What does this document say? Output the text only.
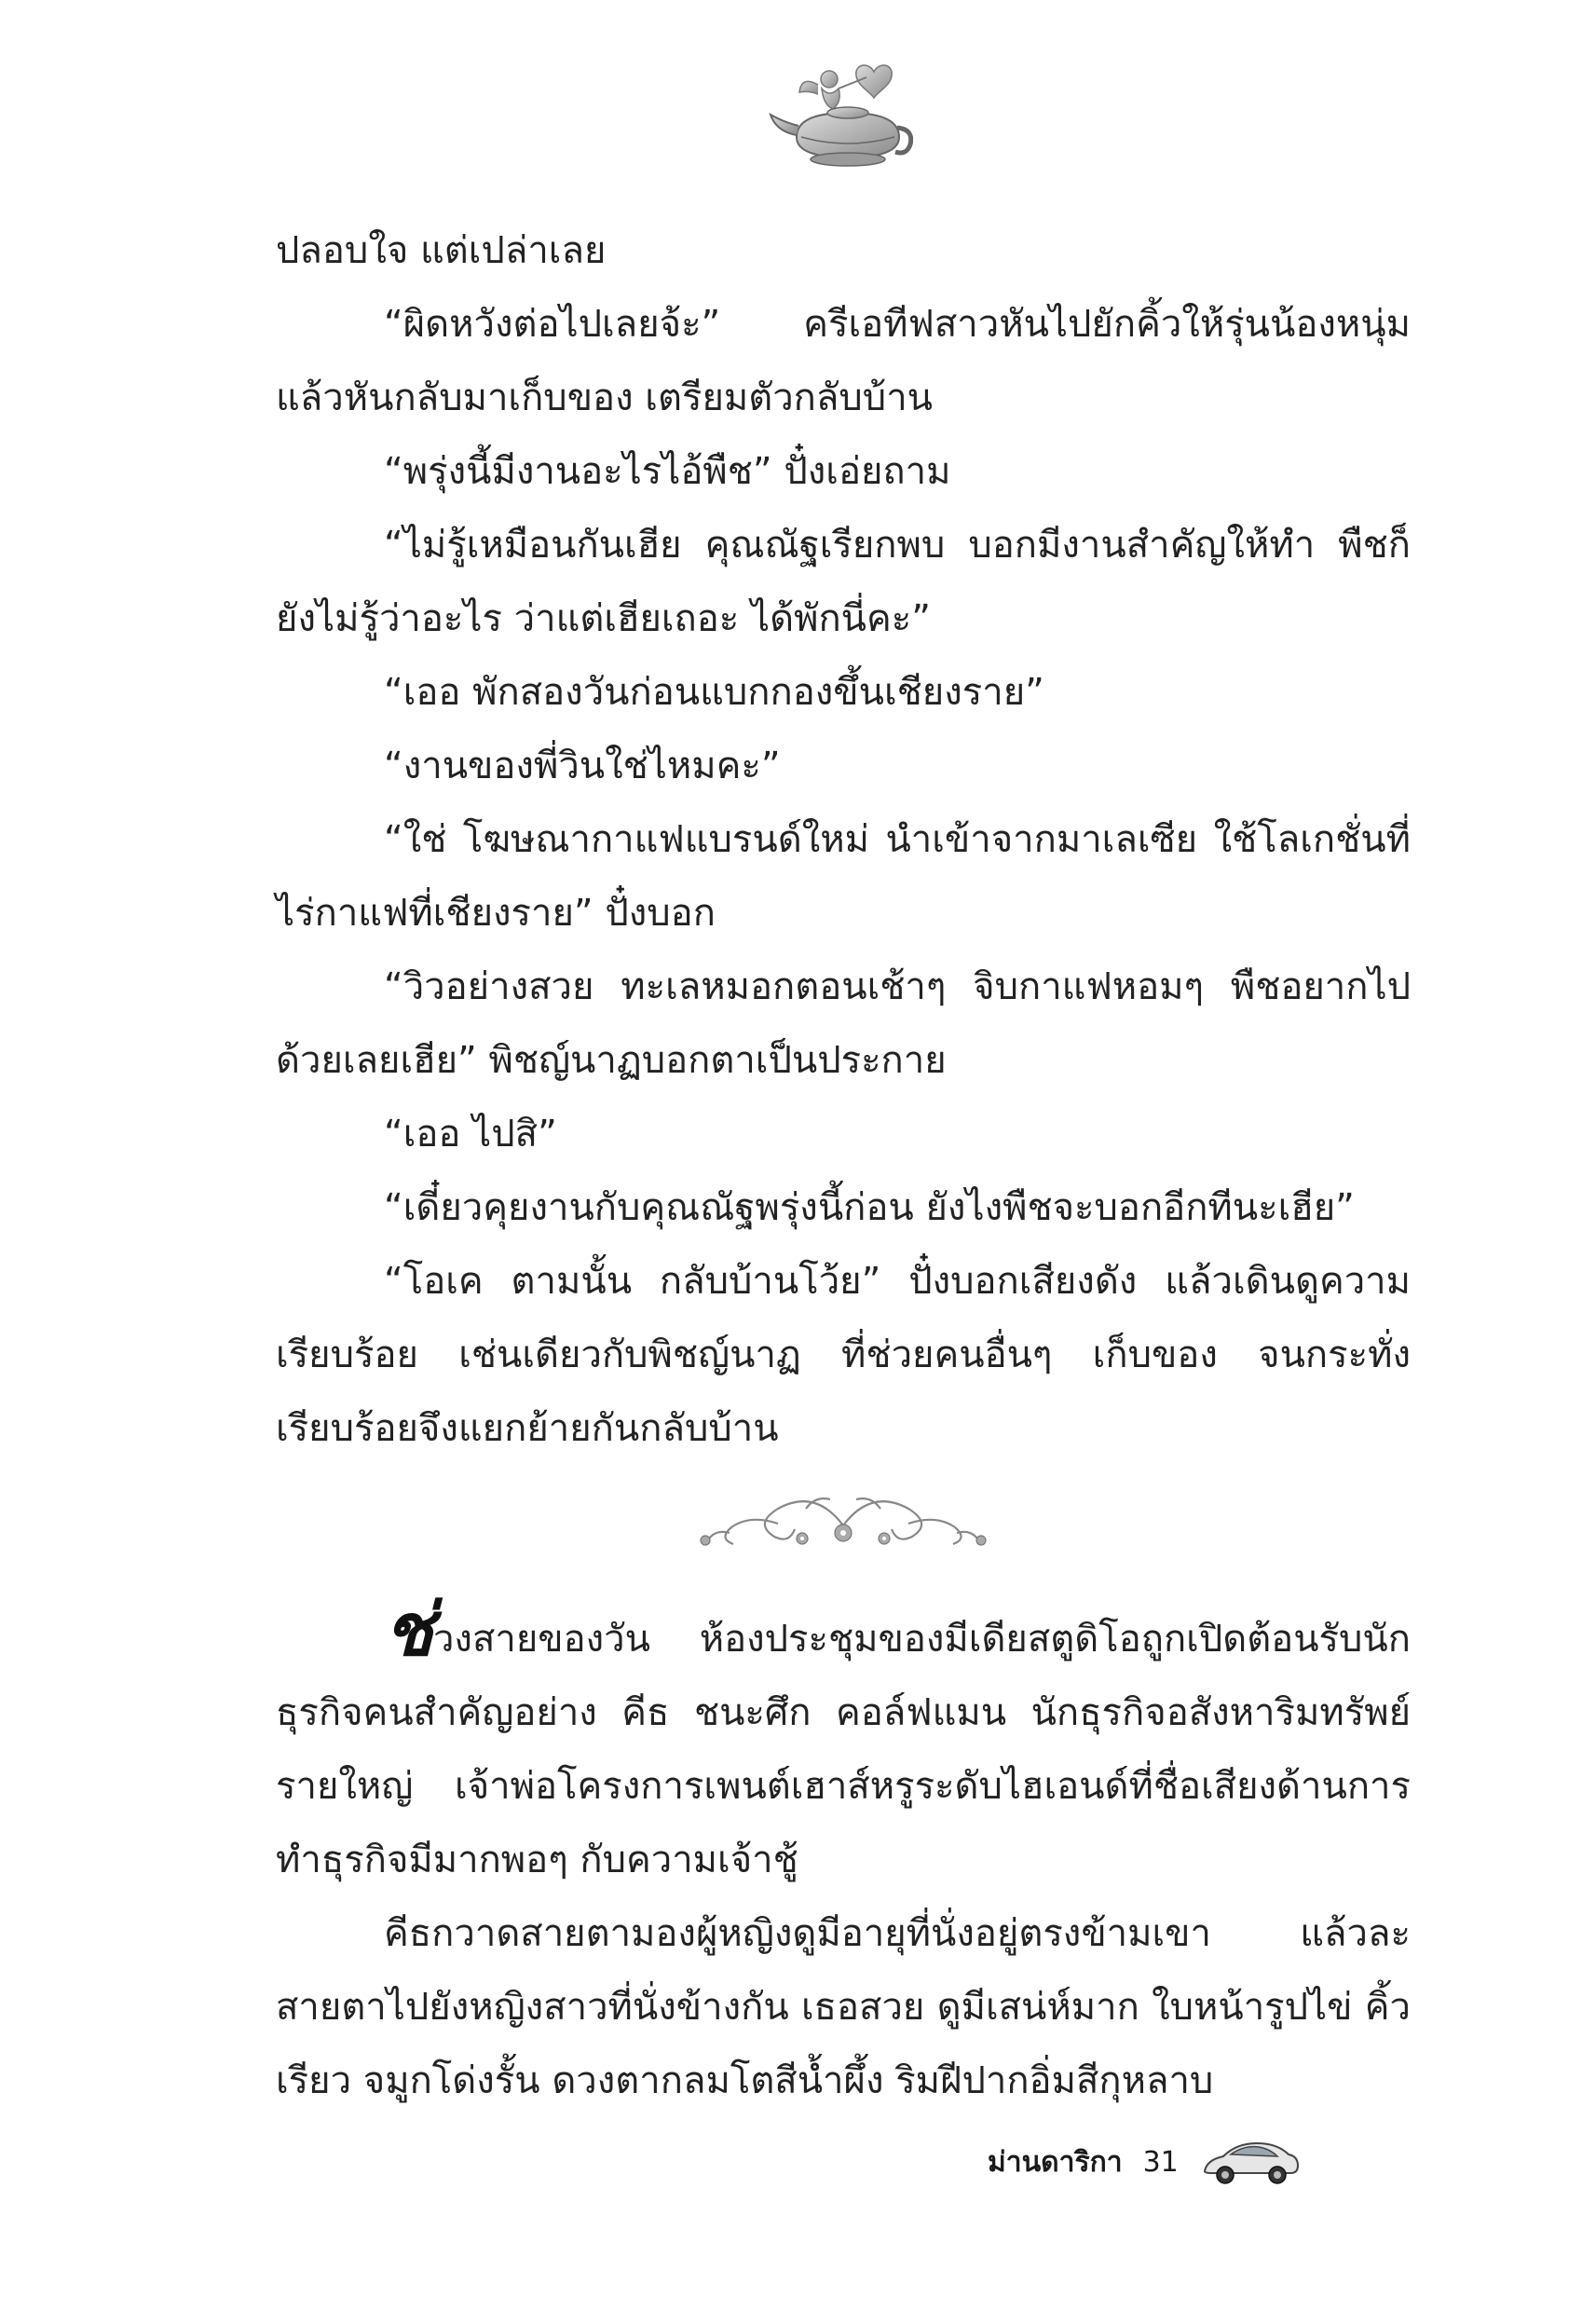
ปลอบใจ แต่เปล่าเลย

“ผิดหวังต่อไปเลยจ้ะ” ครีเอทีฟสาวหันไปยักคิ้วให้รุ่นน้องหนุ่ม แล้วหันกลับมาเก็บของ เตรียมตัวกลับบ้าน

“พรุ่งนี้มีงานอะไรไอ้พืช” ปั๋งเอ่ยถาม

“ไม่รู้เหมือนกันเฮีย คุณณัฐเรียกพบ บอกมีงานสำคัญให้ทำ พืชก็ยังไม่รู้ว่าอะไร ว่าแต่เฮียเถอะ ได้พักนี่คะ”

“เออ พักสองวันก่อนแบกกองขึ้นเชียงราย”

“งานของพี่วินใช่ไหมคะ”

“ใช่ โฆษณากาแฟแบรนด์ใหม่ นำเข้าจากมาเลเซีย ใช้โลเกชั่นที่ไร่กาแฟที่เชียงราย” ปั๋งบอก

“วิวอย่างสวย ทะเลหมอกตอนเช้าๆ จิบกาแฟหอมๆ พืชอยากไปด้วยเลยเฮีย” พิชญ์นาฏบอกตาเป็นประกาย

“เออ ไปสิ”

“เดี๋ยวคุยงานกับคุณณัฐพรุ่งนี้ก่อน ยังไงพืชจะบอกอีกทีนะเฮีย”

“โอเค ตามนั้น กลับบ้านโว้ย” ปั๋งบอกเสียงดัง แล้วเดินดูความเรียบร้อย เช่นเดียวกับพิชญ์นาฏ ที่ช่วยคนอื่นๆ เก็บของ จนกระทั่งเรียบร้อยจึงแยกย้ายกันกลับบ้าน

ช่วงสายของวัน ห้องประชุมของมีเดียสตูดิโอถูกเปิดต้อนรับนักธุรกิจคนสำคัญอย่าง คีธ ชนะศึก คอล์ฟแมน นักธุรกิจอสังหาริมทรัพย์รายใหญ่ เจ้าพ่อโครงการเพนต์เฮาส์หรูระดับไฮเอนด์ที่ชื่อเสียงด้านการทำธุรกิจมีมากพอๆ กับความเจ้าชู้

คีธกวาดสายตามองผู้หญิงดูมีอายุที่นั่งอยู่ตรงข้ามเขา แล้วละสายตาไปยังหญิงสาวที่นั่งข้างกัน เธอสวย ดูมีเสน่ห์มาก ใบหน้ารูปไข่ คิ้วเรียว จมูกโด่งรั้น ดวงตากลมโตสีน้ำผึ้ง ริมฝีปากอิ่มสีกุหลาบ

ม่านดาริกา 31
